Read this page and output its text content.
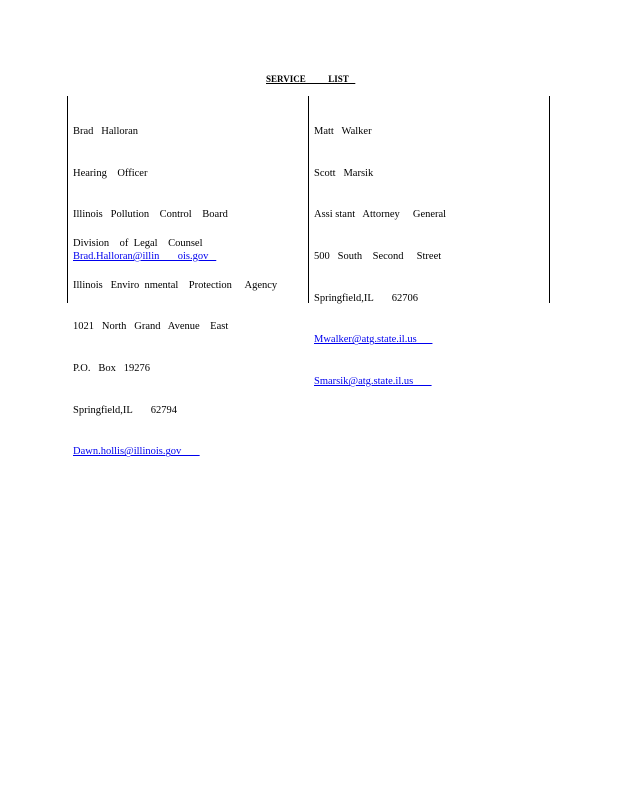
SERVICE          LIST

Brad   Halloran

Hearing    Officer

Illinois   Pollution    Control    Board

Brad.Halloran@illin       ois.gov

Matt   Walker

Scott   Marsik

Assi stant   Attorney     General

500   South    Second     Street

Springfield,IL       62706

Mwalker@atg.state.il.us

Smarsik@atg.state.il.us

Division    of  Legal    Counsel

Illinois   Enviro  nmental    Protection     Agency

1021   North   Grand   Avenue    East

P.O.   Box   19276

Springfield,IL       62794

Dawn.hollis@illinois.gov
